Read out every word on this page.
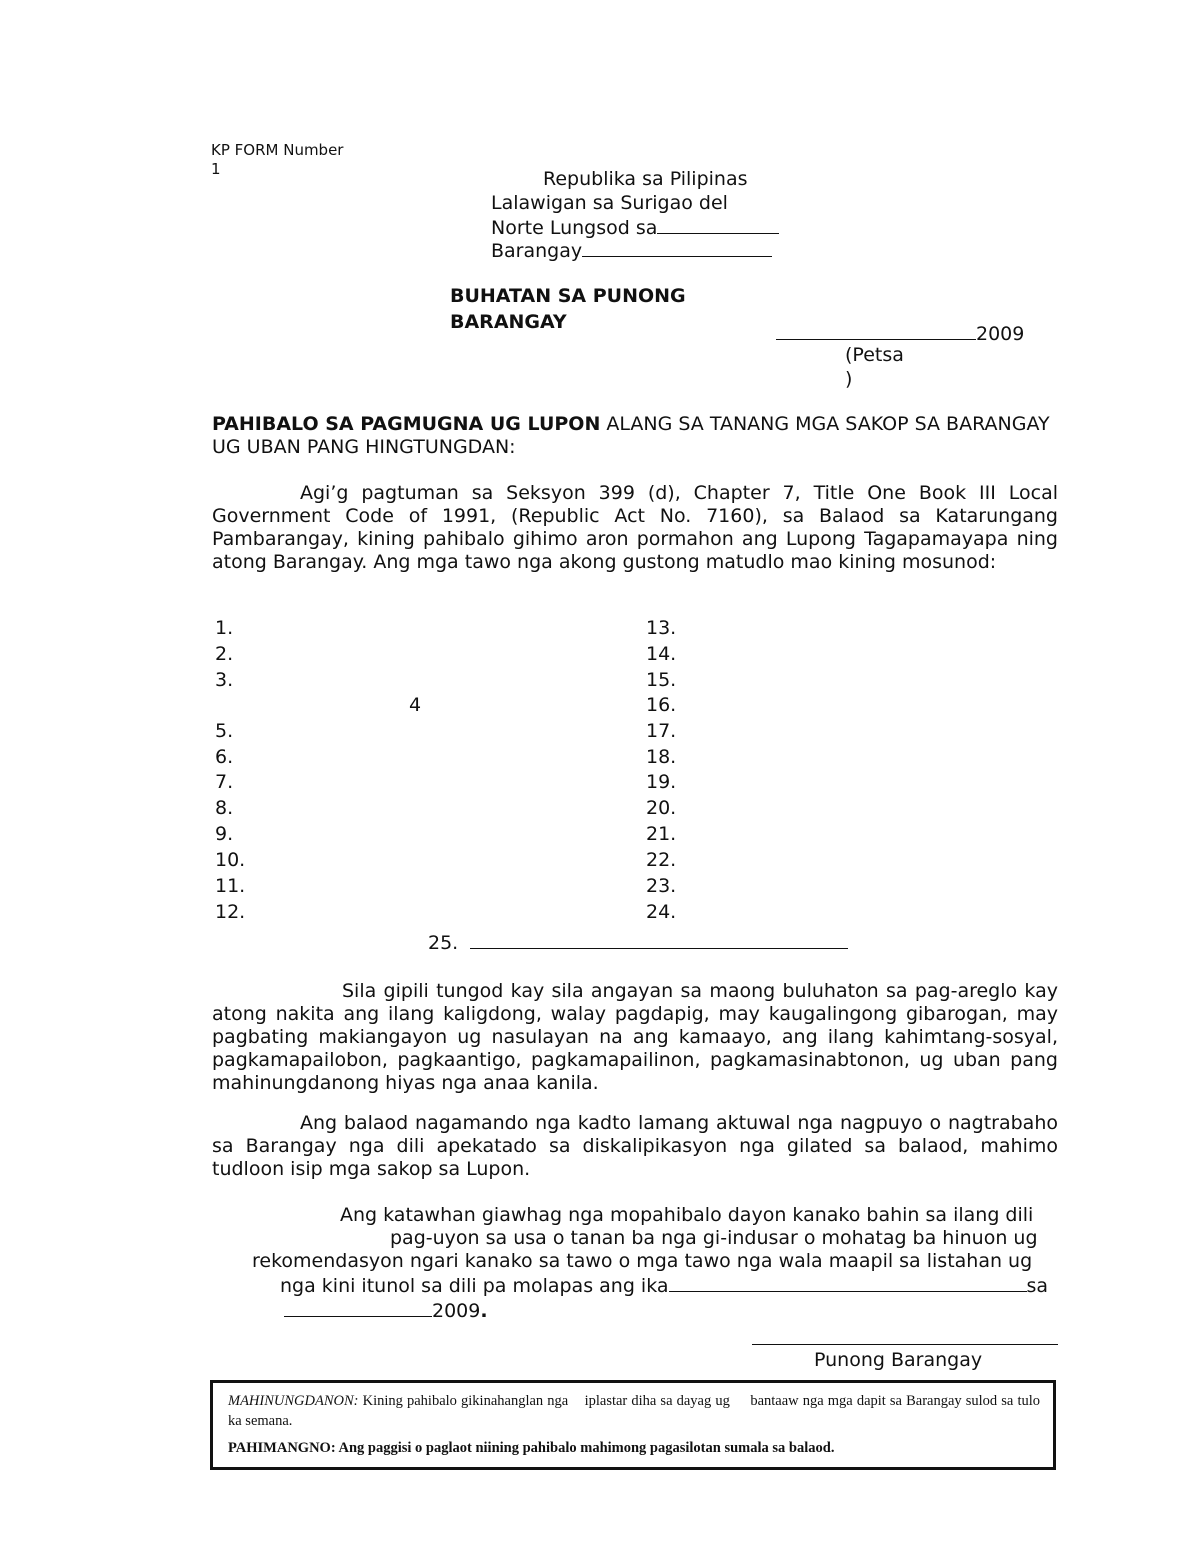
KP FORM Number
1	Republika sa Pilipinas
Lalawigan sa Surigao del
Norte Lungsod sa
Barangay
BUHATAN SA PUNONG
BARANGAY
2009
(Petsa
)
PAHIBALO SA PAGMUGNA UG LUPON ALANG SA TANANG MGA SAKOP SA BARANGAY UG UBAN PANG HINGTUNGDAN:
Agi’g pagtuman sa Seksyon 399 (d), Chapter 7, Title One Book III Local Government Code of 1991, (Republic Act No. 7160), sa Balaod sa Katarungang Pambarangay, kining pahibalo gihimo aron pormahon ang Lupong Tagapamayapa ning atong Barangay. Ang mga tawo nga akong gustong matudlo mao kining mosunod:
1.
2.
3.
4
5.
6.
7.
8.
9.
10.
11.
12.
13.
14.
15.
16.
17.
18.
19.
20.
21.
22.
23.
24.
25.
Sila gipili tungod kay sila angayan sa maong buluhaton sa pag-areglo kay atong nakita ang ilang kaligdong, walay pagdapig, may kaugalingong gibarogan, may pagbating makiangayon ug nasulayan na ang kamaayo, ang ilang kahimtang-sosyal, pagkamapailobon, pagkaantigo, pagkamapailinon, pagkamasinabtonon, ug uban pang mahinungdanong hiyas nga anaa kanila.
Ang balaod nagamando nga kadto lamang aktuwal nga nagpuyo o nagtrabaho sa Barangay nga dili apekatado sa diskalipikasyon nga gilated sa balaod, mahimo tudloon isip mga sakop sa Lupon.
Ang katawhan giawhag nga mopahibalo dayon kanako bahin sa ilang dili
pag-uyon sa usa o tanan ba nga gi-indusar o mohatag ba hinuon ug
rekomendasyon ngari kanako sa tawo o mga tawo nga wala maapil sa listahan ug
nga kini itunol sa dili pa molapas ang ika	sa
2009.
Punong Barangay
MAHINUNGDANON: Kining pahibalo gikinahanglan nga    iplastar diha sa dayag ug     bantaaw nga mga dapit sa Barangay sulod sa tulo ka semana.
PAHIMANGNO: Ang paggisi o paglaot niining pahibalo mahimong pagasilotan sumala sa balaod.
